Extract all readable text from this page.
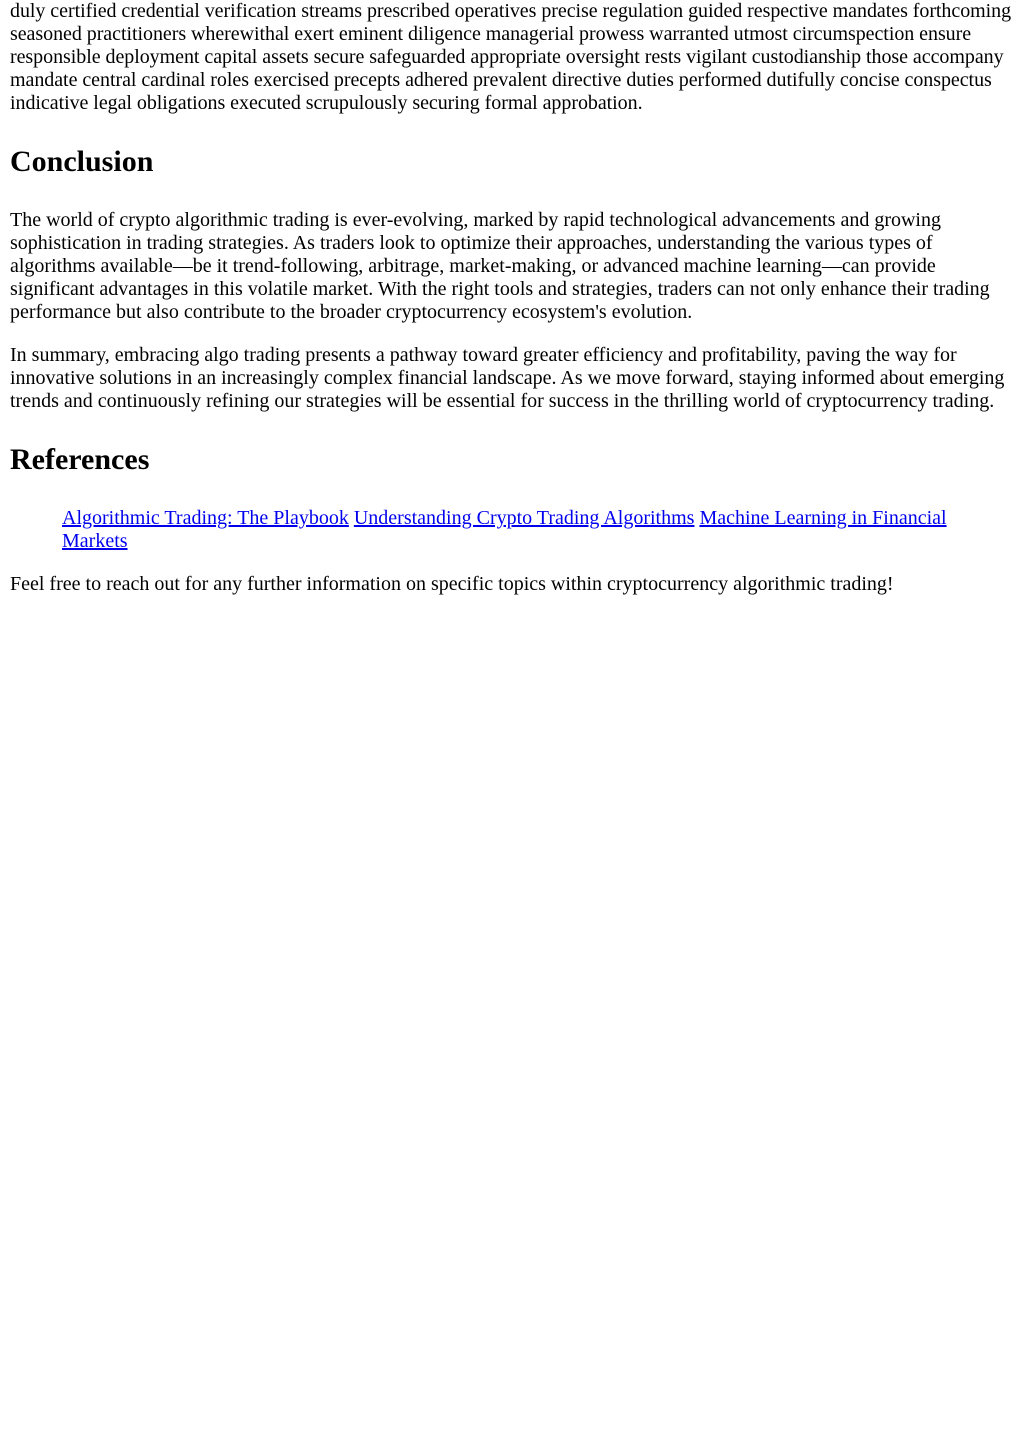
duly certified credential verification streams prescribed operatives precise regulation guided respective mandates forthcoming seasoned practitioners wherewithal exert eminent diligence managerial prowess warranted utmost circumspection ensure responsible deployment capital assets secure safeguarded appropriate oversight rests vigilant custodianship those accompany mandate central cardinal roles exercised precepts adhered prevalent directive duties performed dutifully concise conspectus indicative legal obligations executed scrupulously securing formal approbation.

Conclusion

The world of crypto algorithmic trading is ever-evolving, marked by rapid technological advancements and growing sophistication in trading strategies. As traders look to optimize their approaches, understanding the various types of algorithms available—be it trend-following, arbitrage, market-making, or advanced machine learning—can provide significant advantages in this volatile market. With the right tools and strategies, traders can not only enhance their trading performance but also contribute to the broader cryptocurrency ecosystem's evolution.

In summary, embracing algo trading presents a pathway toward greater efficiency and profitability, paving the way for innovative solutions in an increasingly complex financial landscape. As we move forward, staying informed about emerging trends and continuously refining our strategies will be essential for success in the thrilling world of cryptocurrency trading.

References
Algorithmic Trading: The Playbook Understanding Crypto Trading Algorithms Machine Learning in Financial Markets

Feel free to reach out for any further information on specific topics within cryptocurrency algorithmic trading!
